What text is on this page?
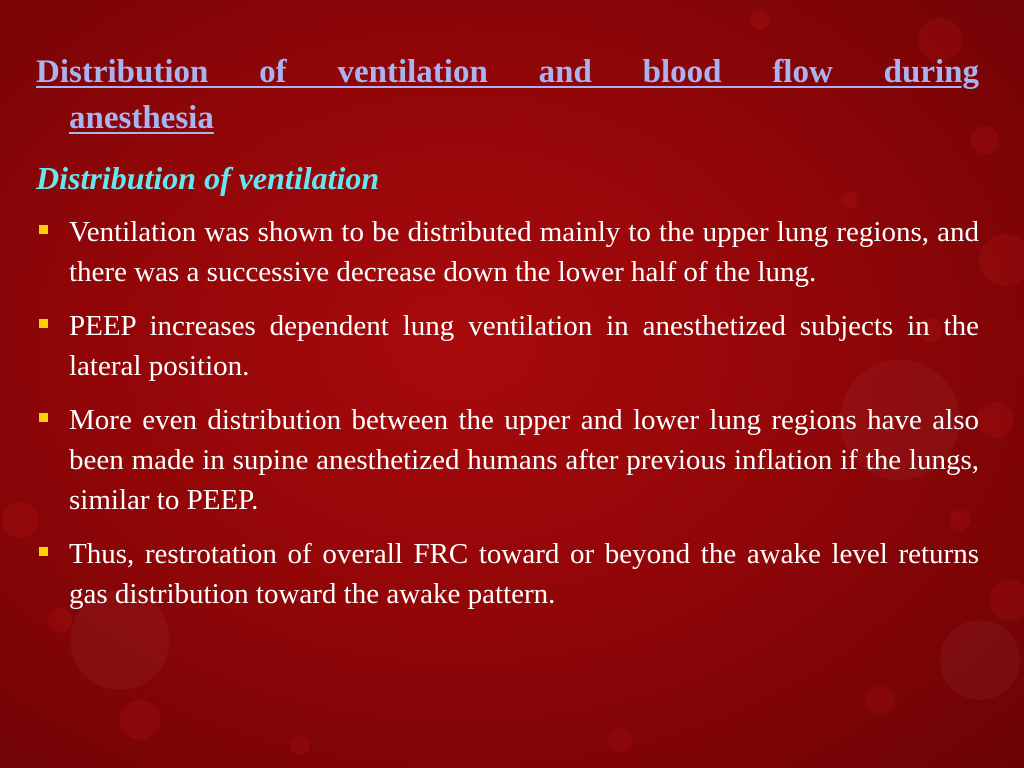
Distribution of ventilation and blood flow during
anesthesia
Distribution of ventilation
Ventilation was shown to be distributed mainly to the upper lung regions, and there was a successive decrease down the lower half of the lung.
PEEP increases dependent lung ventilation in anesthetized subjects in the lateral position.
More even distribution between the upper and lower lung regions have also been made in supine anesthetized humans after previous inflation if the lungs, similar to PEEP.
Thus, restrotation of overall FRC toward or beyond the awake level returns gas distribution toward the awake pattern.
